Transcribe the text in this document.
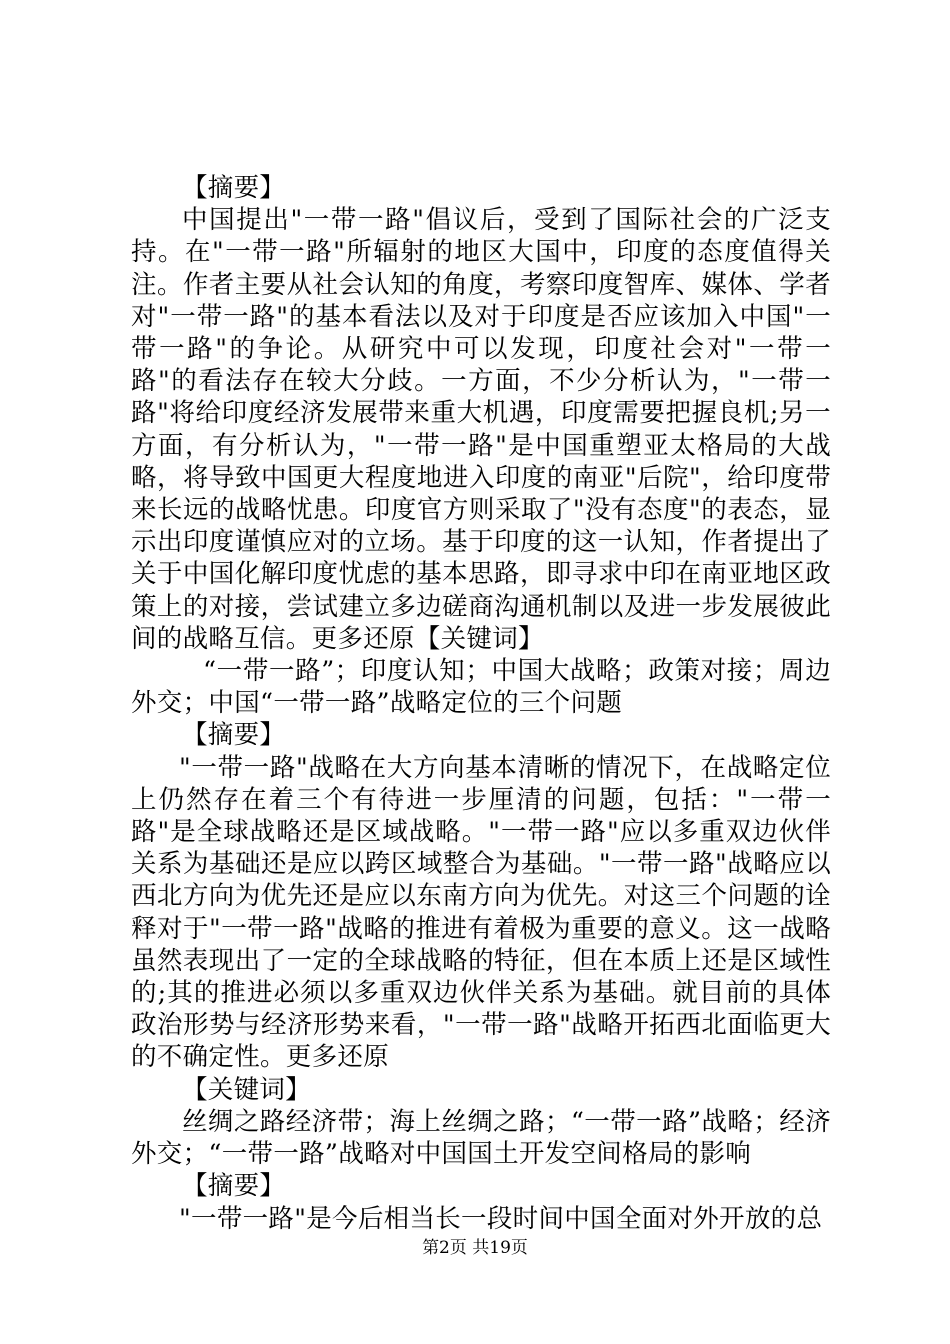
【摘要】

中国提出"一带一路"倡议后，受到了国际社会的广泛支持。在"一带一路"所辐射的地区大国中，印度的态度值得关注。作者主要从社会认知的角度，考察印度智库、媒体、学者对"一带一路"的基本看法以及对于印度是否应该加入中国"一带一路"的争论。从研究中可以发现，印度社会对"一带一路"的看法存在较大分歧。一方面，不少分析认为，"一带一路"将给印度经济发展带来重大机遇，印度需要把握良机;另一方面，有分析认为，"一带一路"是中国重塑亚太格局的大战略，将导致中国更大程度地进入印度的南亚"后院"，给印度带来长远的战略忧患。印度官方则采取了"没有态度"的表态，显示出印度谨慎应对的立场。基于印度的这一认知，作者提出了关于中国化解印度忧虑的基本思路，即寻求中印在南亚地区政策上的对接，尝试建立多边磋商沟通机制以及进一步发展彼此间的战略互信。更多还原【关键词】

“一带一路”；印度认知；中国大战略；政策对接；周边外交；中国“一带一路”战略定位的三个问题

【摘要】

"一带一路"战略在大方向基本清晰的情况下，在战略定位上仍然存在着三个有待进一步厘清的问题，包括："一带一路"是全球战略还是区域战略。"一带一路"应以多重双边伙伴关系为基础还是应以跨区域整合为基础。"一带一路"战略应以西北方向为优先还是应以东南方向为优先。对这三个问题的诠释对于"一带一路"战略的推进有着极为重要的意义。这一战略虽然表现出了一定的全球战略的特征，但在本质上还是区域性的;其的推进必须以多重双边伙伴关系为基础。就目前的具体政治形势与经济形势来看，"一带一路"战略开拓西北面临更大的不确定性。更多还原

【关键词】

丝绸之路经济带；海上丝绸之路；“一带一路”战略；经济外交；“一带一路”战略对中国国土开发空间格局的影响

【摘要】

"一带一路"是今后相当长一段时间中国全面对外开放的总

第2页 共19页
